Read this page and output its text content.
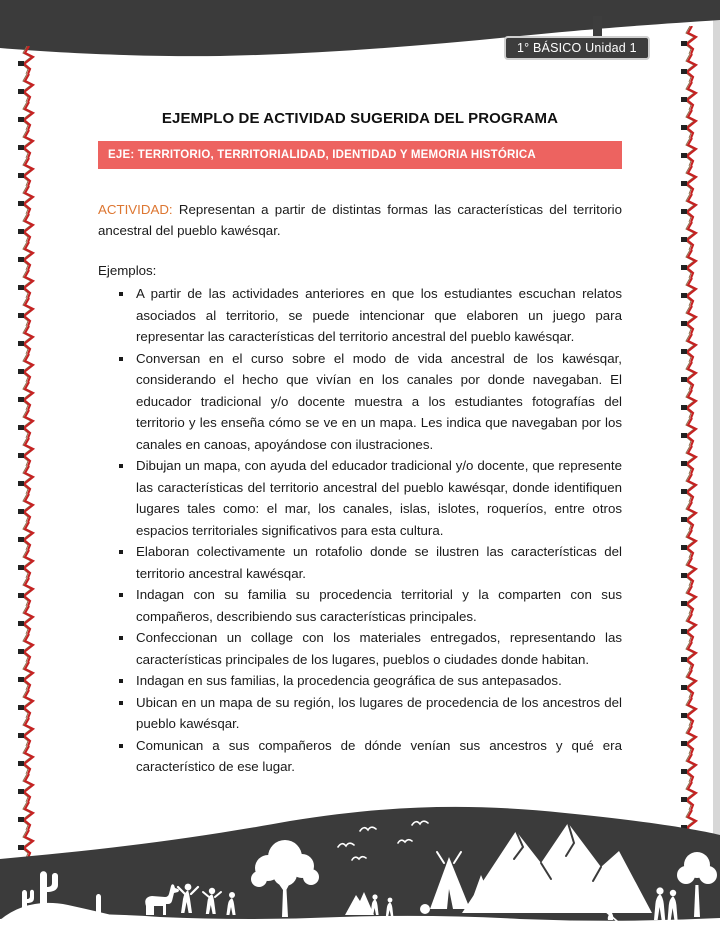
1° BÁSICO Unidad 1
EJEMPLO DE ACTIVIDAD SUGERIDA DEL PROGRAMA
EJE: TERRITORIO, TERRITORIALIDAD, IDENTIDAD Y MEMORIA HISTÓRICA
ACTIVIDAD: Representan a partir de distintas formas las características del territorio ancestral del pueblo kawésqar.
Ejemplos:
▪ A partir de las actividades anteriores en que los estudiantes escuchan relatos asociados al territorio, se puede intencionar que elaboren un juego para representar las características del territorio ancestral del pueblo kawésqar.
▪ Conversan en el curso sobre el modo de vida ancestral de los kawésqar, considerando el hecho que vivían en los canales por donde navegaban. El educador tradicional y/o docente muestra a los estudiantes fotografías del territorio y les enseña cómo se ve en un mapa. Les indica que navegaban por los canales en canoas, apoyándose con ilustraciones.
▪ Dibujan un mapa, con ayuda del educador tradicional y/o docente, que represente las características del territorio ancestral del pueblo kawésqar, donde identifiquen lugares tales como: el mar, los canales, islas, islotes, roqueríos, entre otros espacios territoriales significativos para esta cultura.
▪ Elaboran colectivamente un rotafolio donde se ilustren las características del territorio ancestral kawésqar.
▪ Indagan con su familia su procedencia territorial y la comparten con sus compañeros, describiendo sus características principales.
▪ Confeccionan un collage con los materiales entregados, representando las características principales de los lugares, pueblos o ciudades donde habitan.
▪ Indagan en sus familias, la procedencia geográfica de sus antepasados.
▪ Ubican en un mapa de su región, los lugares de procedencia de los ancestros del pueblo kawésqar.
▪ Comunican a sus compañeros de dónde venían sus ancestros y qué era característico de ese lugar.
